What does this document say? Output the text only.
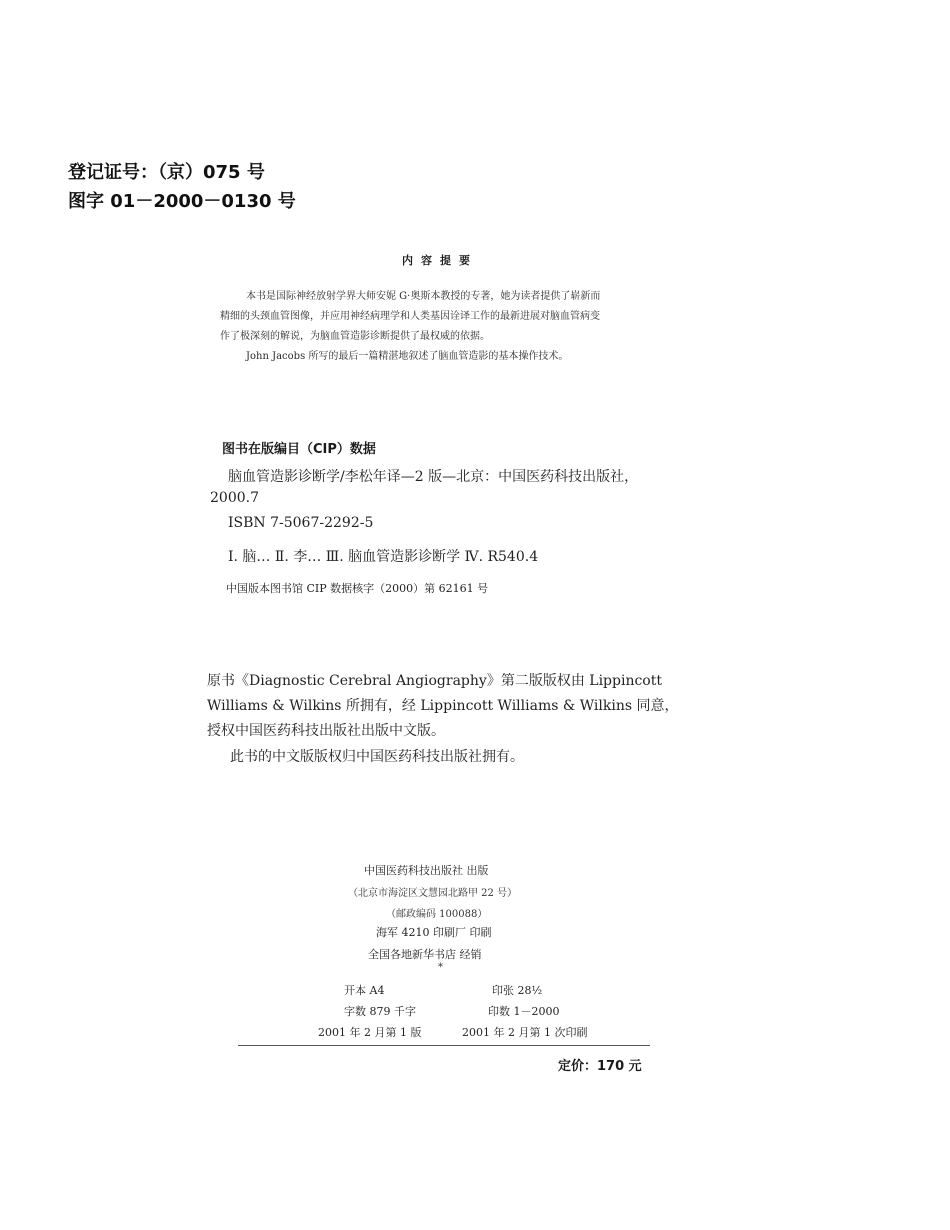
登记证号：（京）075 号
图字 01－2000－0130 号
内容提要
本书是国际神经放射学界大师安妮 G·奥斯本教授的专著，她为读者提供了崭新而
精细的头颈血管图像，并应用神经病理学和人类基因诠译工作的最新进展对脑血管病变
作了极深刻的解说，为脑血管造影诊断提供了最权威的依据。
John Jacobs 所写的最后一篇精湛地叙述了脑血管造影的基本操作技术。
图书在版编目（CIP）数据
脑血管造影诊断学/李松年译—2 版—北京：中国医药科技出版社，
2000.7
ISBN 7-5067-2292-5
Ⅰ. 脑… Ⅱ. 李… Ⅲ. 脑血管造影诊断学 Ⅳ. R540.4
中国版本图书馆 CIP 数据核字（2000）第 62161 号
原书《Diagnostic Cerebral Angiography》第二版版权由 Lippincott
Williams & Wilkins 所拥有，经 Lippincott Williams & Wilkins 同意，
授权中国医药科技出版社出版中文版。
此书的中文版版权归中国医药科技出版社拥有。
中国医药科技出版社 出版
（北京市海淀区文慧园北路甲 22 号）
（邮政编码 100088）
海军 4210 印刷厂 印刷
全国各地新华书店 经销
*
开本 A4	印张 28½
字数 879 千字	印数 1－2000
2001 年 2 月第 1 版	2001 年 2 月第 1 次印刷
定价：170 元
